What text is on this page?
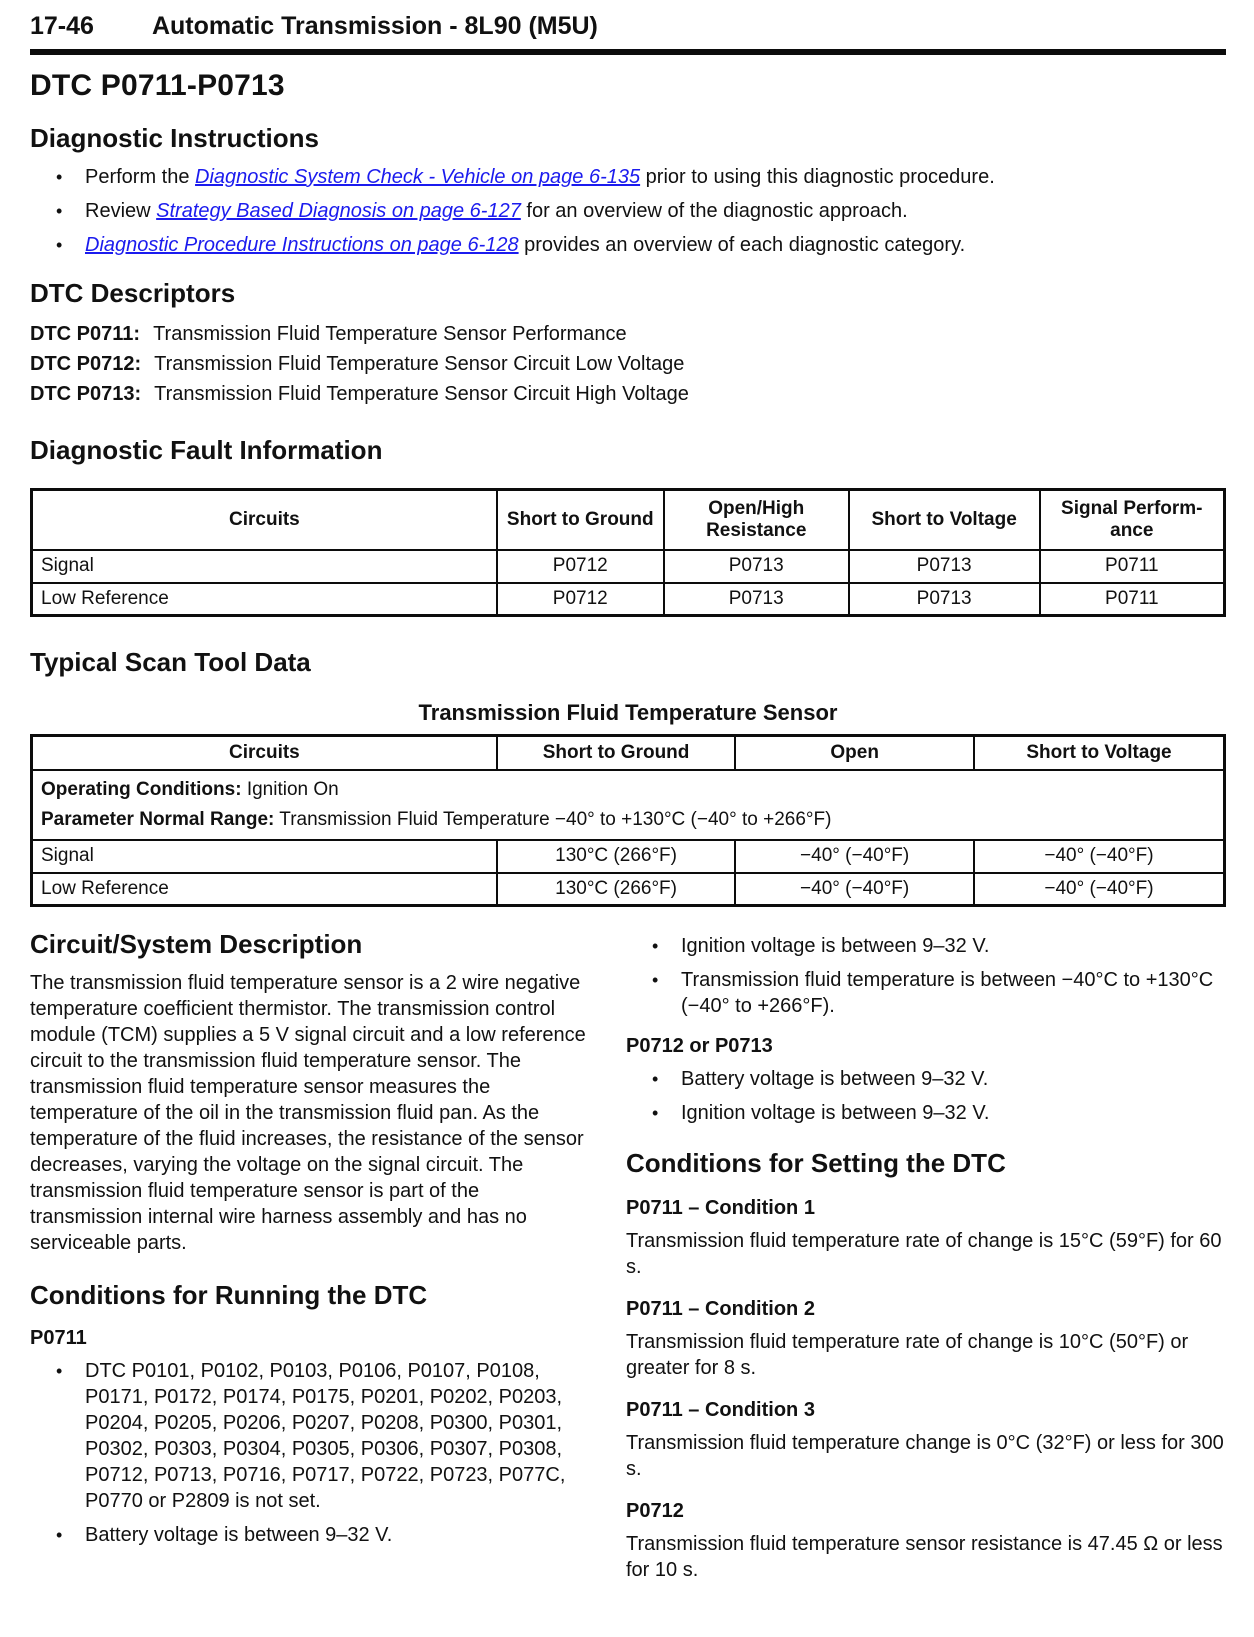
17-46 Automatic Transmission - 8L90 (M5U)
DTC P0711-P0713
Diagnostic Instructions
• Perform the Diagnostic System Check - Vehicle on page 6-135 prior to using this diagnostic procedure.
• Review Strategy Based Diagnosis on page 6-127 for an overview of the diagnostic approach.
• Diagnostic Procedure Instructions on page 6-128 provides an overview of each diagnostic category.
DTC Descriptors
DTC P0711: Transmission Fluid Temperature Sensor Performance
DTC P0712: Transmission Fluid Temperature Sensor Circuit Low Voltage
DTC P0713: Transmission Fluid Temperature Sensor Circuit High Voltage
Diagnostic Fault Information
Circuits	Short to Ground	Open/High Resistance	Short to Voltage	Signal Perform- ance
Signal	P0712	P0713	P0713	P0711
Low Reference	P0712	P0713	P0713	P0711
Typical Scan Tool Data
Transmission Fluid Temperature Sensor
Circuits	Short to Ground	Open	Short to Voltage

Operating Conditions: Ignition On
Parameter Normal Range: Transmission Fluid Temperature −40° to +130°C (−40° to +266°F)			

Signal	130°C (266°F)	−40° (−40°F)	−40° (−40°F)
Low Reference	130°C (266°F)	−40° (−40°F)	−40° (−40°F)
Circuit/System Description

The transmission fluid temperature sensor is a 2 wire negative temperature coefficient thermistor. The transmission control module (TCM) supplies a 5 V signal circuit and a low reference circuit to the transmission fluid temperature sensor. The transmission fluid temperature sensor measures the temperature of the oil in the transmission fluid pan. As the temperature of the fluid increases, the resistance of the sensor decreases, varying the voltage on the signal circuit. The transmission fluid temperature sensor is part of the transmission internal wire harness assembly and has no serviceable parts.

Conditions for Running the DTC
P0711
• DTC P0101, P0102, P0103, P0106, P0107, P0108, P0171, P0172, P0174, P0175, P0201, P0202, P0203, P0204, P0205, P0206, P0207, P0208, P0300, P0301, P0302, P0303, P0304, P0305, P0306, P0307, P0308, P0712, P0713, P0716, P0717, P0722, P0723, P077C, P0770 or P2809 is not set.
• Battery voltage is between 9–32 V.
• Ignition voltage is between 9–32 V.
• Transmission fluid temperature is between −40°C to +130°C (−40° to +266°F).
P0712 or P0713
• Battery voltage is between 9–32 V.
• Ignition voltage is between 9–32 V.
Conditions for Setting the DTC
P0711 – Condition 1

Transmission fluid temperature rate of change is 15°C (59°F) for 60 s.

P0711 – Condition 2

Transmission fluid temperature rate of change is 10°C (50°F) or greater for 8 s.

P0711 – Condition 3

Transmission fluid temperature change is 0°C (32°F) or less for 300 s.

P0712

Transmission fluid temperature sensor resistance is 47.45 Ω or less for 10 s.
